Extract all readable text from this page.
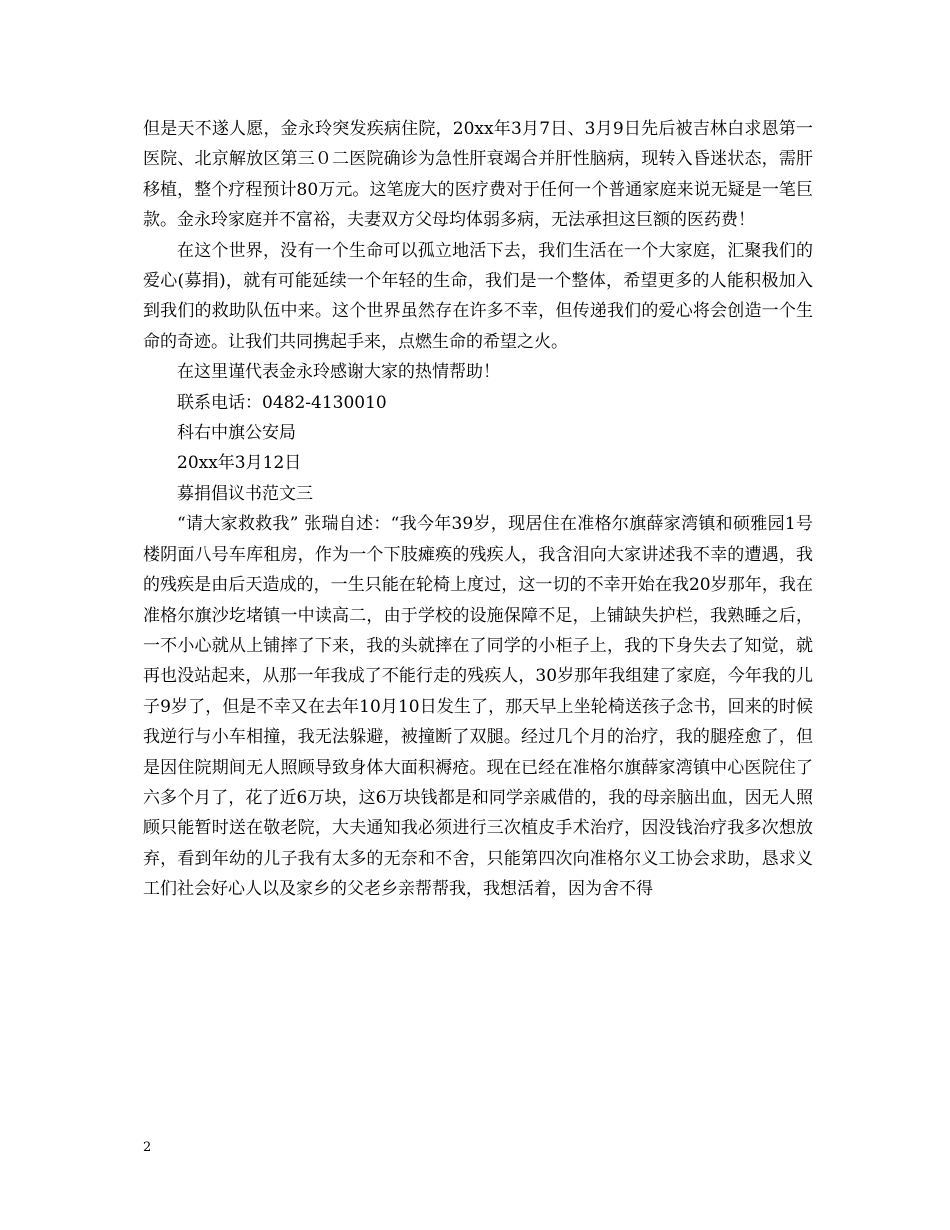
但是天不遂人愿，金永玲突发疾病住院，20xx年3月7日、3月9日先后被吉林白求恩第一医院、北京解放区第三０二医院确诊为急性肝衰竭合并肝性脑病，现转入昏迷状态，需肝移植，整个疗程预计80万元。这笔庞大的医疗费对于任何一个普通家庭来说无疑是一笔巨款。金永玲家庭并不富裕，夫妻双方父母均体弱多病，无法承担这巨额的医药费！

在这个世界，没有一个生命可以孤立地活下去，我们生活在一个大家庭，汇聚我们的爱心(募捐)，就有可能延续一个年轻的生命，我们是一个整体，希望更多的人能积极加入到我们的救助队伍中来。这个世界虽然存在许多不幸，但传递我们的爱心将会创造一个生命的奇迹。让我们共同携起手来，点燃生命的希望之火。

在这里谨代表金永玲感谢大家的热情帮助！

联系电话：0482-4130010

科右中旗公安局

20xx年3月12日

募捐倡议书范文三

“请大家救救我” 张瑞自述：“我今年39岁，现居住在准格尔旗薛家湾镇和硕雅园1号楼阴面八号车库租房，作为一个下肢瘫痪的残疾人，我含泪向大家讲述我不幸的遭遇，我的残疾是由后天造成的，一生只能在轮椅上度过，这一切的不幸开始在我20岁那年，我在准格尔旗沙圪堵镇一中读高二，由于学校的设施保障不足，上铺缺失护栏，我熟睡之后，一不小心就从上铺摔了下来，我的头就摔在了同学的小柜子上，我的下身失去了知觉，就再也没站起来，从那一年我成了不能行走的残疾人，30岁那年我组建了家庭，今年我的儿子9岁了，但是不幸又在去年10月10日发生了，那天早上坐轮椅送孩子念书，回来的时候我逆行与小车相撞，我无法躲避，被撞断了双腿。经过几个月的治疗，我的腿痊愈了，但是因住院期间无人照顾导致身体大面积褥疮。现在已经在准格尔旗薛家湾镇中心医院住了六多个月了，花了近6万块，这6万块钱都是和同学亲戚借的，我的母亲脑出血，因无人照顾只能暂时送在敬老院，大夫通知我必须进行三次植皮手术治疗，因没钱治疗我多次想放弃，看到年幼的儿子我有太多的无奈和不舍，只能第四次向准格尔义工协会求助，恳求义工们社会好心人以及家乡的父老乡亲帮帮我，我想活着，因为舍不得

2
